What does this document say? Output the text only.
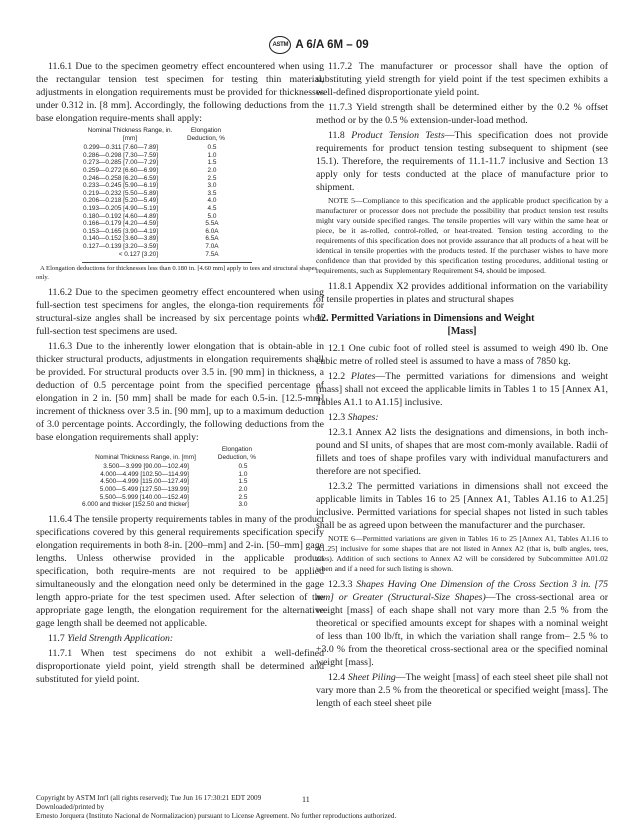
ASTM A 6/A 6M – 09

11.6.1 Due to the specimen geometry effect encountered when using the rectangular tension test specimen for testing thin material, adjustments in elongation requirements must be provided for thicknesses under 0.312 in. [8 mm]. Accordingly, the following deductions from the base elongation require-ments shall apply:

Nominal Thickness Range, in. [mm]	Elongation Deduction, %
0.299—0.311 [7.60—7.89]	0.5
0.286—0.298 [7.30—7.59]	1.0
0.273—0.285 [7.00—7.29]	1.5
0.259—0.272 [6.60—6.99]	2.0
0.246—0.258 [6.20—6.59]	2.5
0.233—0.245 [5.90—6.19]	3.0
0.219—0.232 [5.50—5.89]	3.5
0.206—0.218 [5.20—5.49]	4.0
0.193—0.205 [4.90—5.19]	4.5
0.180—0.192 [4.60—4.89]	5.0
0.166—0.179 [4.20—4.59]	5.5A
0.153—0.165 [3.90—4.19]	6.0A
0.140—0.152 [3.60—3.89]	6.5A
0.127—0.139 [3.20—3.59]	7.0A
< 0.127 [3.20]	7.5A
A Elongation deductions for thicknesses less than 0.180 in. [4.60 mm] apply to tees and structural shapes only.

11.6.2 Due to the specimen geometry effect encountered when using full-section test specimens for angles, the elonga-tion requirements for structural-size angles shall be increased by six percentage points when full-section test specimens are used.

11.6.3 Due to the inherently lower elongation that is obtain-able in thicker structural products, adjustments in elongation requirements shall be provided. For structural products over 3.5 in. [90 mm] in thickness, a deduction of 0.5 percentage point from the specified percentage of elongation in 2 in. [50 mm] shall be made for each 0.5-in. [12.5-mm] increment of thickness over 3.5 in. [90 mm], up to a maximum deduction of 3.0 percentage points. Accordingly, the following deductions from the base elongation requirements shall apply:

Nominal Thickness Range, in. [mm]	Elongation Deduction, %
3.500—3.999 [90.00—102.49]	0.5
4.000—4.499 [102.50—114.99]	1.0
4.500—4.999 [115.00—127.49]	1.5
5.000—5.499 [127.50—139.99]	2.0
5.500—5.999 [140.00—152.49]	2.5
6.000 and thicker [152.50 and thicker]	3.0

11.6.4 The tensile property requirements tables in many of the product specifications covered by this general requirements specification specify elongation requirements in both 8-in. [200–mm] and 2-in. [50–mm] gage lengths. Unless otherwise provided in the applicable product specification, both require-ments are not required to be applied simultaneously and the elongation need only be determined in the gage length appro-priate for the test specimen used. After selection of the appropriate gage length, the elongation requirement for the alternative gage length shall be deemed not applicable.

11.7 Yield Strength Application:

11.7.1 When test specimens do not exhibit a well-defined disproportionate yield point, yield strength shall be determined and substituted for yield point.

11.7.2 The manufacturer or processor shall have the option of substituting yield strength for yield point if the test specimen exhibits a well-defined disproportionate yield point.

11.7.3 Yield strength shall be determined either by the 0.2 % offset method or by the 0.5 % extension-under-load method.

11.8 Product Tension Tests—This specification does not provide requirements for product tension testing subsequent to shipment (see 15.1). Therefore, the requirements of 11.1-11.7 inclusive and Section 13 apply only for tests conducted at the place of manufacture prior to shipment.

NOTE 5—Compliance to this specification and the applicable product specification by a manufacturer or processor does not preclude the possibility that product tension test results might vary outside specified ranges. The tensile properties will vary within the same heat or piece, be it as-rolled, control-rolled, or heat-treated. Tension testing according to the requirements of this specification does not provide assurance that all products of a heat will be identical in tensile properties with the products tested. If the purchaser wishes to have more confidence than that provided by this specification testing procedures, additional testing or requirements, such as Supplementary Requirement S4, should be imposed.

11.8.1 Appendix X2 provides additional information on the variability of tensile properties in plates and structural shapes

12. Permitted Variations in Dimensions and Weight
[Mass]

12.1 One cubic foot of rolled steel is assumed to weigh 490 lb. One cubic metre of rolled steel is assumed to have a mass of 7850 kg.

12.2 Plates—The permitted variations for dimensions and weight [mass] shall not exceed the applicable limits in Tables 1 to 15 [Annex A1, Tables A1.1 to A1.15] inclusive.

12.3 Shapes:

12.3.1 Annex A2 lists the designations and dimensions, in both inch-pound and SI units, of shapes that are most com-monly available. Radii of fillets and toes of shape profiles vary with individual manufacturers and therefore are not specified.

12.3.2 The permitted variations in dimensions shall not exceed the applicable limits in Tables 16 to 25 [Annex A1, Tables A1.16 to A1.25] inclusive. Permitted variations for special shapes not listed in such tables shall be as agreed upon between the manufacturer and the purchaser.

NOTE 6—Permitted variations are given in Tables 16 to 25 [Annex A1, Tables A1.16 to A1.25] inclusive for some shapes that are not listed in Annex A2 (that is, bulb angles, tees, zees). Addition of such sections to Annex A2 will be considered by Subcommittee A01.02 when and if a need for such listing is shown.

12.3.3 Shapes Having One Dimension of the Cross Section 3 in. [75 mm] or Greater (Structural-Size Shapes)—The cross-sectional area or weight [mass] of each shape shall not vary more than 2.5 % from the theoretical or specified amounts except for shapes with a nominal weight of less than 100 lb/ft, in which the variation shall range from– 2.5 % to +3.0 % from the theoretical cross-sectional area or the specified nominal weight [mass].

12.4 Sheet Piling—The weight [mass] of each steel sheet pile shall not vary more than 2.5 % from the theoretical or specified weight [mass]. The length of each steel sheet pile

Copyright by ASTM Int'l (all rights reserved); Tue Jun 16 17:30:21 EDT 2009
Downloaded/printed by
Ernesto Jorquera (Instituto Nacional de Normalizacion) pursuant to License Agreement. No further reproductions authorized.
11
